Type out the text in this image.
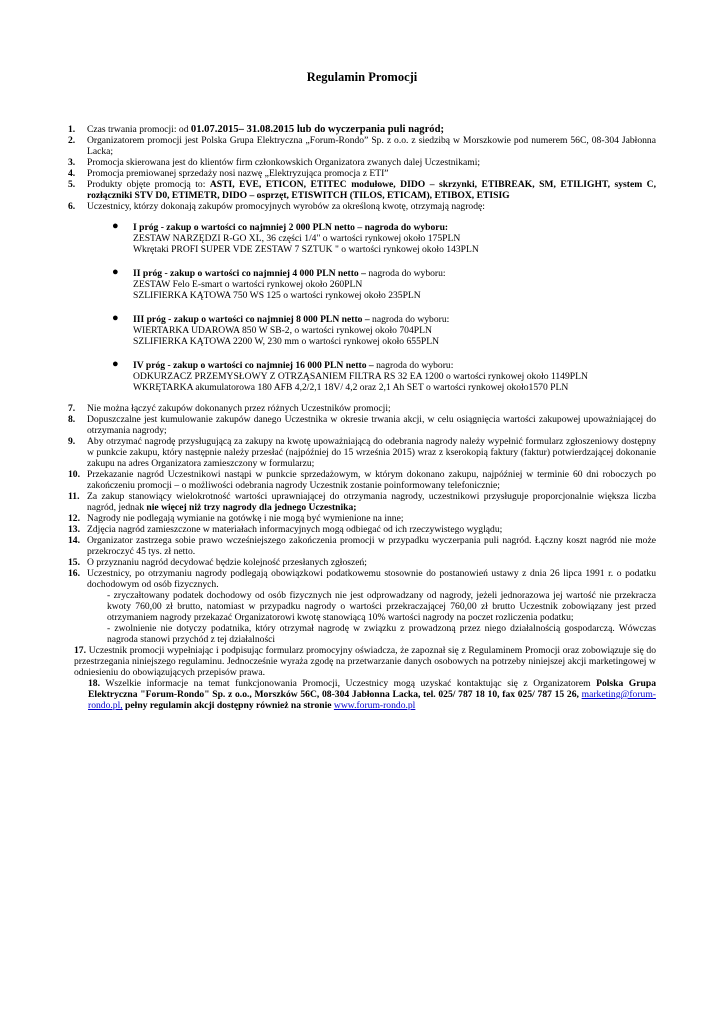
Regulamin Promocji
1. Czas trwania promocji: od 01.07.2015– 31.08.2015 lub do wyczerpania puli nagród;
2. Organizatorem promocji jest Polska Grupa Elektryczna „Forum-Rondo” Sp. z o.o. z siedzibą w Morszkowie pod numerem 56C, 08-304 Jabłonna Lacka;
3. Promocja skierowana jest do klientów firm członkowskich Organizatora zwanych dalej Uczestnikami;
4. Promocja premiowanej sprzedaży nosi nazwę „Elektryzująca promocja z ETI”
5. Produkty objęte promocją to: ASTI, EVE, ETICON, ETITEC modułowe, DIDO – skrzynki, ETIBREAK, SM, ETILIGHT, system C, rozłączniki STV D0, ETIMETR, DIDO – osprzęt, ETISWITCH (TILOS, ETICAM), ETIBOX, ETISIG
6. Uczestnicy, którzy dokonają zakupów promocyjnych wyrobów za określoną kwotę, otrzymają nagrodę:
● I próg - zakup o wartości co najmniej 2 000 PLN netto – nagroda do wyboru:
ZESTAW NARZĘDZI R-GO XL, 36 części 1/4" o wartości rynkowej około 175PLN
Wkrętaki PROFI SUPER VDE ZESTAW 7 SZTUK " o wartości rynkowej około 143PLN
● II próg - zakup o wartości co najmniej 4 000 PLN netto – nagroda do wyboru:
ZESTAW Felo E-smart o wartości rynkowej około 260PLN
SZLIFIERKA KĄTOWA 750 WS 125 o wartości rynkowej około 235PLN
● III próg - zakup o wartości co najmniej 8 000 PLN netto – nagroda do wyboru:
WIERTARKA UDAROWA 850 W SB-2, o wartości rynkowej około 704PLN
SZLIFIERKA KĄTOWA 2200 W, 230 mm o wartości rynkowej około 655PLN
● IV próg - zakup o wartości co najmniej 16 000 PLN netto – nagroda do wyboru:
ODKURZACZ PRZEMYSŁOWY Z OTRZĄSANIEM FILTRA RS 32 EA 1200 o wartości rynkowej około 1149PLN
WKRĘTARKA akumulatorowa 180 AFB 4,2/2,1 18V/ 4,2 oraz 2,1 Ah SET o wartości rynkowej około1570 PLN
7. Nie można łączyć zakupów dokonanych przez różnych Uczestników promocji;
8. Dopuszczalne jest kumulowanie zakupów danego Uczestnika w okresie trwania akcji, w celu osiągnięcia wartości zakupowej upoważniającej do otrzymania nagrody;
9. Aby otrzymać nagrodę przysługującą za zakupy na kwotę upoważniającą do odebrania nagrody należy wypełnić formularz zgłoszeniowy dostępny w punkcie zakupu, który następnie należy przesłać (najpóźniej do 15 września 2015) wraz z kserokopią faktury (faktur) potwierdzającej dokonanie zakupu na adres Organizatora zamieszczony w formularzu;
10. Przekazanie nagród Uczestnikowi nastąpi w punkcie sprzedażowym, w którym dokonano zakupu, najpóźniej w terminie 60 dni roboczych po zakończeniu promocji – o możliwości odebrania nagrody Uczestnik zostanie poinformowany telefonicznie;
11. Za zakup stanowiący wielokrotność wartości uprawniającej do otrzymania nagrody, uczestnikowi przysługuje proporcjonalnie większa liczba nagród, jednak nie więcej niż trzy nagrody dla jednego Uczestnika;
12. Nagrody nie podlegają wymianie na gotówkę i nie mogą być wymienione na inne;
13. Zdjęcia nagród zamieszczone w materiałach informacyjnych mogą odbiegać od ich rzeczywistego wyglądu;
14. Organizator zastrzega sobie prawo wcześniejszego zakończenia promocji w przypadku wyczerpania puli nagród. Łączny koszt nagród nie może przekroczyć 45 tys. zł netto.
15. O przyznaniu nagród decydować będzie kolejność przesłanych zgłoszeń;
16. Uczestnicy, po otrzymaniu nagrody podlegają obowiązkowi podatkowemu stosownie do postanowień ustawy z dnia 26 lipca 1991 r. o podatku dochodowym od osób fizycznych.

- zryczałtowany podatek dochodowy od osób fizycznych nie jest odprowadzany od nagrody, jeżeli jednorazowa jej wartość nie przekracza kwoty 760,00 zł brutto, natomiast w przypadku nagrody o wartości przekraczającej 760,00 zł brutto Uczestnik zobowiązany jest przed otrzymaniem nagrody przekazać Organizatorowi kwotę stanowiącą 10% wartości nagrody na poczet rozliczenia podatku;

- zwolnienie nie dotyczy podatnika, który otrzymał nagrodę w związku z prowadzoną przez niego działalnością gospodarczą. Wówczas nagroda stanowi przychód z tej działalności

17. Uczestnik promocji wypełniając i podpisując formularz promocyjny oświadcza, że zapoznał się z Regulaminem Promocji oraz zobowiązuje się do przestrzegania niniejszego regulaminu. Jednocześnie wyraża zgodę na przetwarzanie danych osobowych na potrzeby niniejszej akcji marketingowej w odniesieniu do obowiązujących przepisów prawa.

18. Wszelkie informacje na temat funkcjonowania Promocji, Uczestnicy mogą uzyskać kontaktując się z Organizatorem Polska Grupa Elektryczna "Forum-Rondo" Sp. z o.o., Morszków 56C, 08-304 Jabłonna Lacka, tel. 025/ 787 18 10, fax 025/ 787 15 26, marketing@forum-rondo.pl, pełny regulamin akcji dostępny również na stronie www.forum-rondo.pl
